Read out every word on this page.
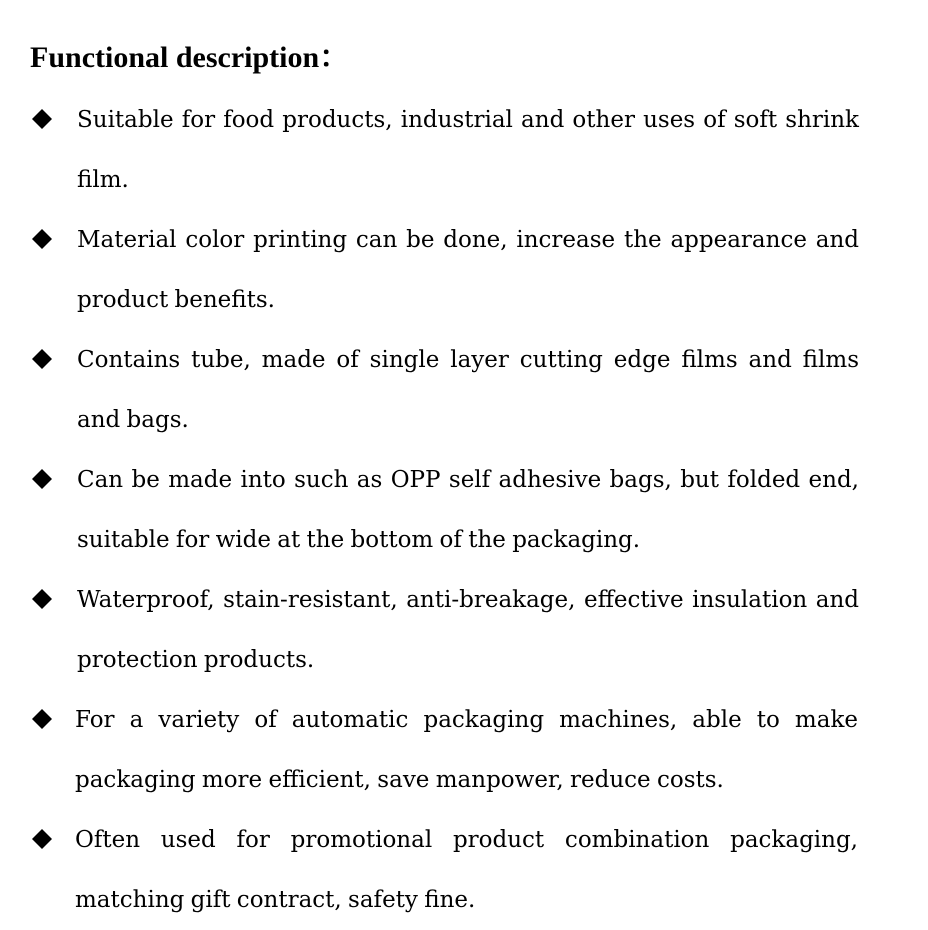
Functional description：
Suitable for food products, industrial and other uses of soft shrink film.
Material color printing can be done, increase the appearance and product benefits.
Contains tube, made of single layer cutting edge films and films and bags.
Can be made into such as OPP self adhesive bags, but folded end, suitable for wide at the bottom of the packaging.
Waterproof, stain-resistant, anti-breakage, effective insulation and protection products.
For a variety of automatic packaging machines, able to make packaging more efficient, save manpower, reduce costs.
Often used for promotional product combination packaging, matching gift contract, safety fine.
